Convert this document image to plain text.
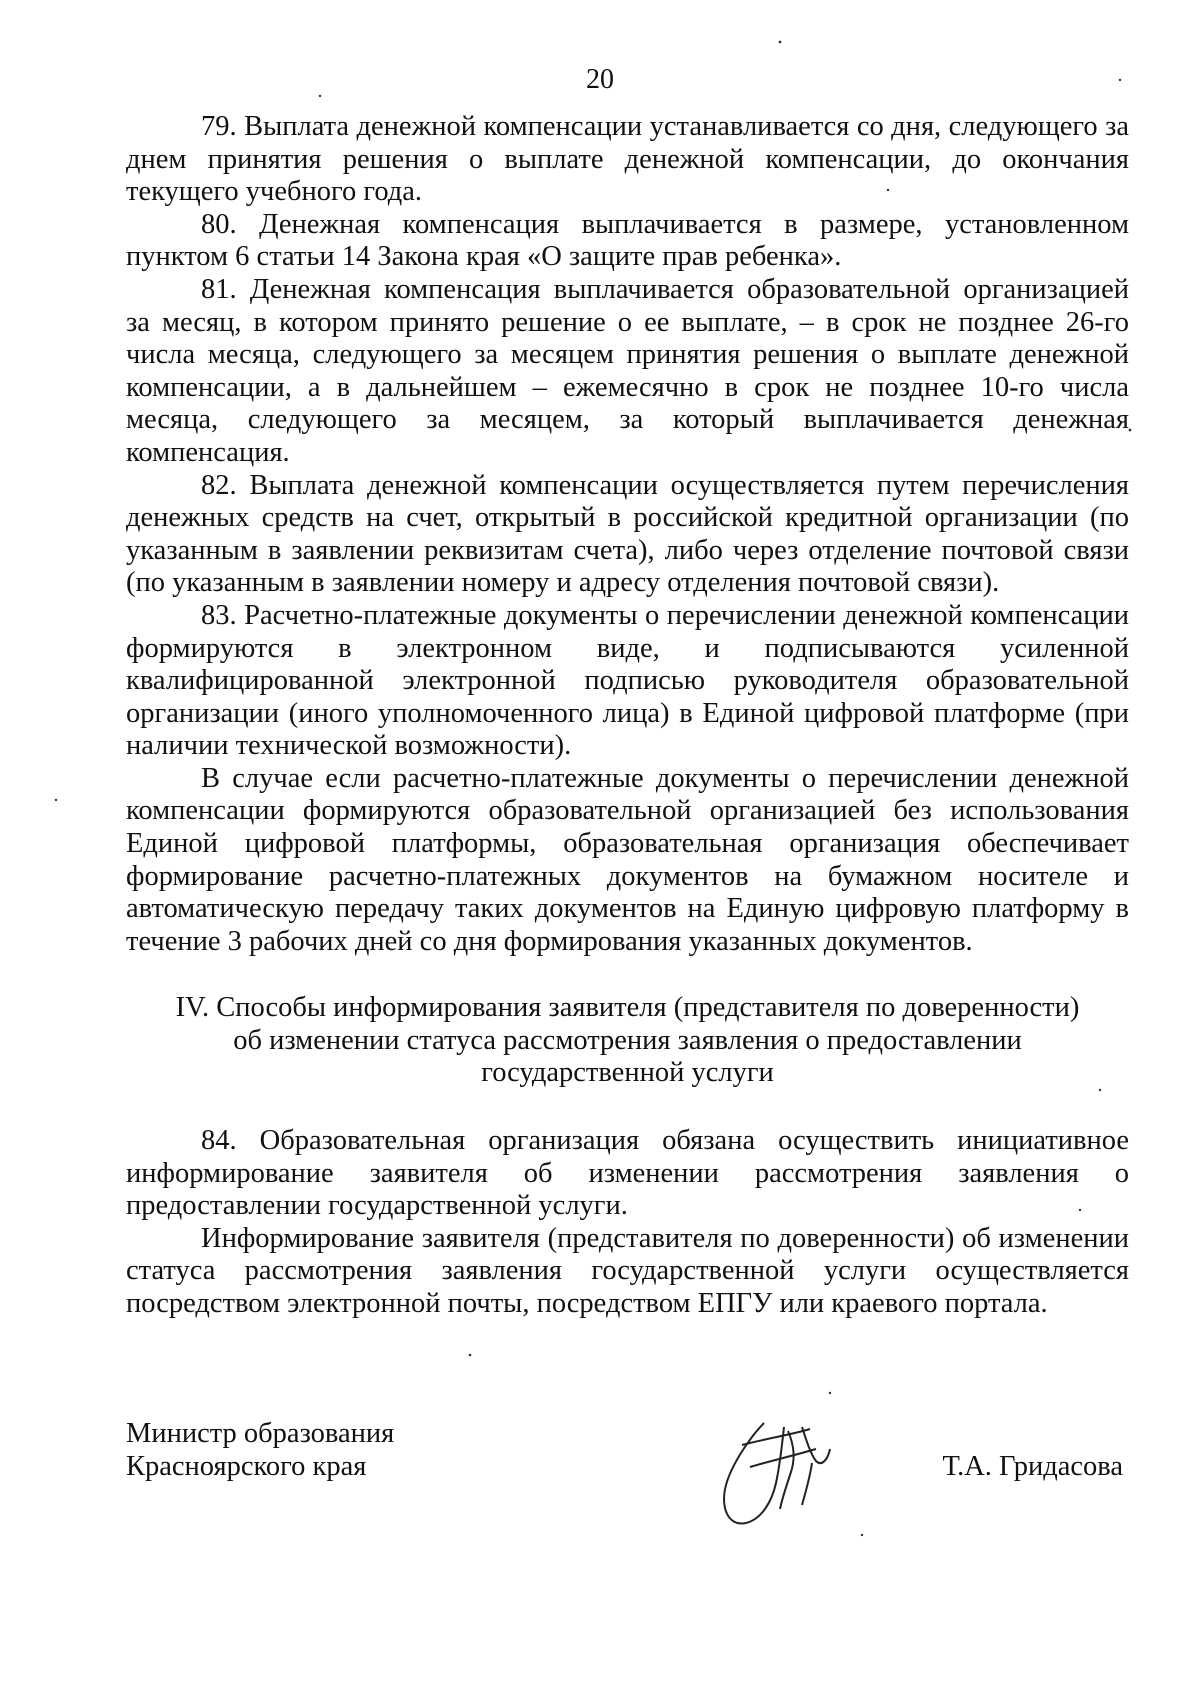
20

79. Выплата денежной компенсации устанавливается со дня, следующего за днем принятия решения о выплате денежной компенсации, до окончания текущего учебного года.

80. Денежная компенсация выплачивается в размере, установленном пунктом 6 статьи 14 Закона края «О защите прав ребенка».

81. Денежная компенсация выплачивается образовательной организацией за месяц, в котором принято решение о ее выплате, – в срок не позднее 26-го числа месяца, следующего за месяцем принятия решения о выплате денежной компенсации, а в дальнейшем – ежемесячно в срок не позднее 10-го числа месяца, следующего за месяцем, за который выплачивается денежная компенсация.

82. Выплата денежной компенсации осуществляется путем перечисления денежных средств на счет, открытый в российской кредитной организации (по указанным в заявлении реквизитам счета), либо через отделение почтовой связи (по указанным в заявлении номеру и адресу отделения почтовой связи).

83. Расчетно-платежные документы о перечислении денежной компенсации формируются в электронном виде, и подписываются усиленной квалифицированной электронной подписью руководителя образовательной организации (иного уполномоченного лица) в Единой цифровой платформе (при наличии технической возможности).

В случае если расчетно-платежные документы о перечислении денежной компенсации формируются образовательной организацией без использования Единой цифровой платформы, образовательная организация обеспечивает формирование расчетно-платежных документов на бумажном носителе и автоматическую передачу таких документов на Единую цифровую платформу в течение 3 рабочих дней со дня формирования указанных документов.

IV. Способы информирования заявителя (представителя по доверенности)
об изменении статуса рассмотрения заявления о предоставлении
государственной услуги

84. Образовательная организация обязана осуществить инициативное информирование заявителя об изменении рассмотрения заявления о предоставлении государственной услуги.

Информирование заявителя (представителя по доверенности) об изменении статуса рассмотрения заявления государственной услуги осуществляется посредством электронной почты, посредством ЕПГУ или краевого портала.

Министр образования
Красноярского края	Т.А. Гридасова
